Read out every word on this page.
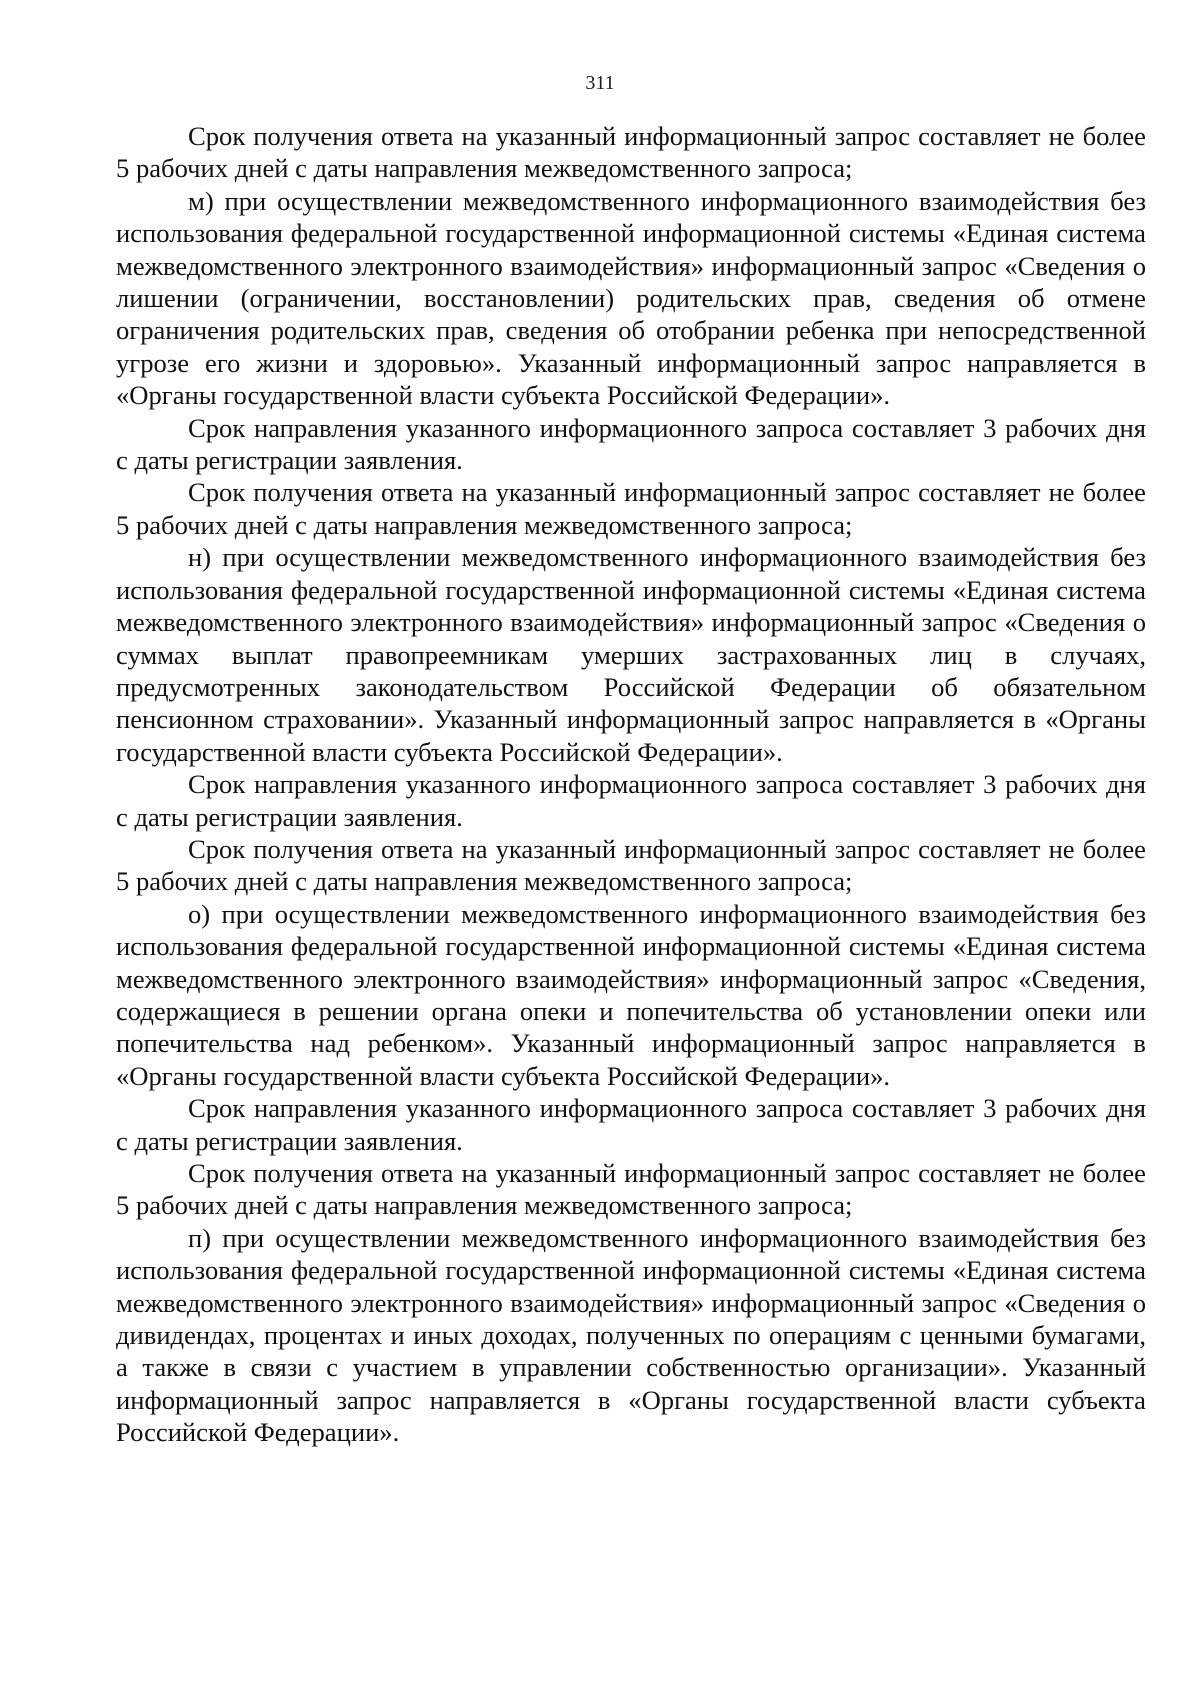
311

Срок получения ответа на указанный информационный запрос составляет не более 5 рабочих дней с даты направления межведомственного запроса;

м) при осуществлении межведомственного информационного взаимодействия без использования федеральной государственной информационной системы «Единая система межведомственного электронного взаимодействия» информационный запрос «Сведения о лишении (ограничении, восстановлении) родительских прав, сведения об отмене ограничения родительских прав, сведения об отобрании ребенка при непосредственной угрозе его жизни и здоровью». Указанный информационный запрос направляется в «Органы государственной власти субъекта Российской Федерации».

Срок направления указанного информационного запроса составляет 3 рабочих дня с даты регистрации заявления.

Срок получения ответа на указанный информационный запрос составляет не более 5 рабочих дней с даты направления межведомственного запроса;

н) при осуществлении межведомственного информационного взаимодействия без использования федеральной государственной информационной системы «Единая система межведомственного электронного взаимодействия» информационный запрос «Сведения о суммах выплат правопреемникам умерших застрахованных лиц в случаях, предусмотренных законодательством Российской Федерации об обязательном пенсионном страховании». Указанный информационный запрос направляется в «Органы государственной власти субъекта Российской Федерации».

Срок направления указанного информационного запроса составляет 3 рабочих дня с даты регистрации заявления.

Срок получения ответа на указанный информационный запрос составляет не более 5 рабочих дней с даты направления межведомственного запроса;

о) при осуществлении межведомственного информационного взаимодействия без использования федеральной государственной информационной системы «Единая система межведомственного электронного взаимодействия» информационный запрос «Сведения, содержащиеся в решении органа опеки и попечительства об установлении опеки или попечительства над ребенком». Указанный информационный запрос направляется в «Органы государственной власти субъекта Российской Федерации».

Срок направления указанного информационного запроса составляет 3 рабочих дня с даты регистрации заявления.

Срок получения ответа на указанный информационный запрос составляет не более 5 рабочих дней с даты направления межведомственного запроса;

п) при осуществлении межведомственного информационного взаимодействия без использования федеральной государственной информационной системы «Единая система межведомственного электронного взаимодействия» информационный запрос «Сведения о дивидендах, процентах и иных доходах, полученных по операциям с ценными бумагами, а также в связи с участием в управлении собственностью организации». Указанный информационный запрос направляется в «Органы государственной власти субъекта Российской Федерации».
